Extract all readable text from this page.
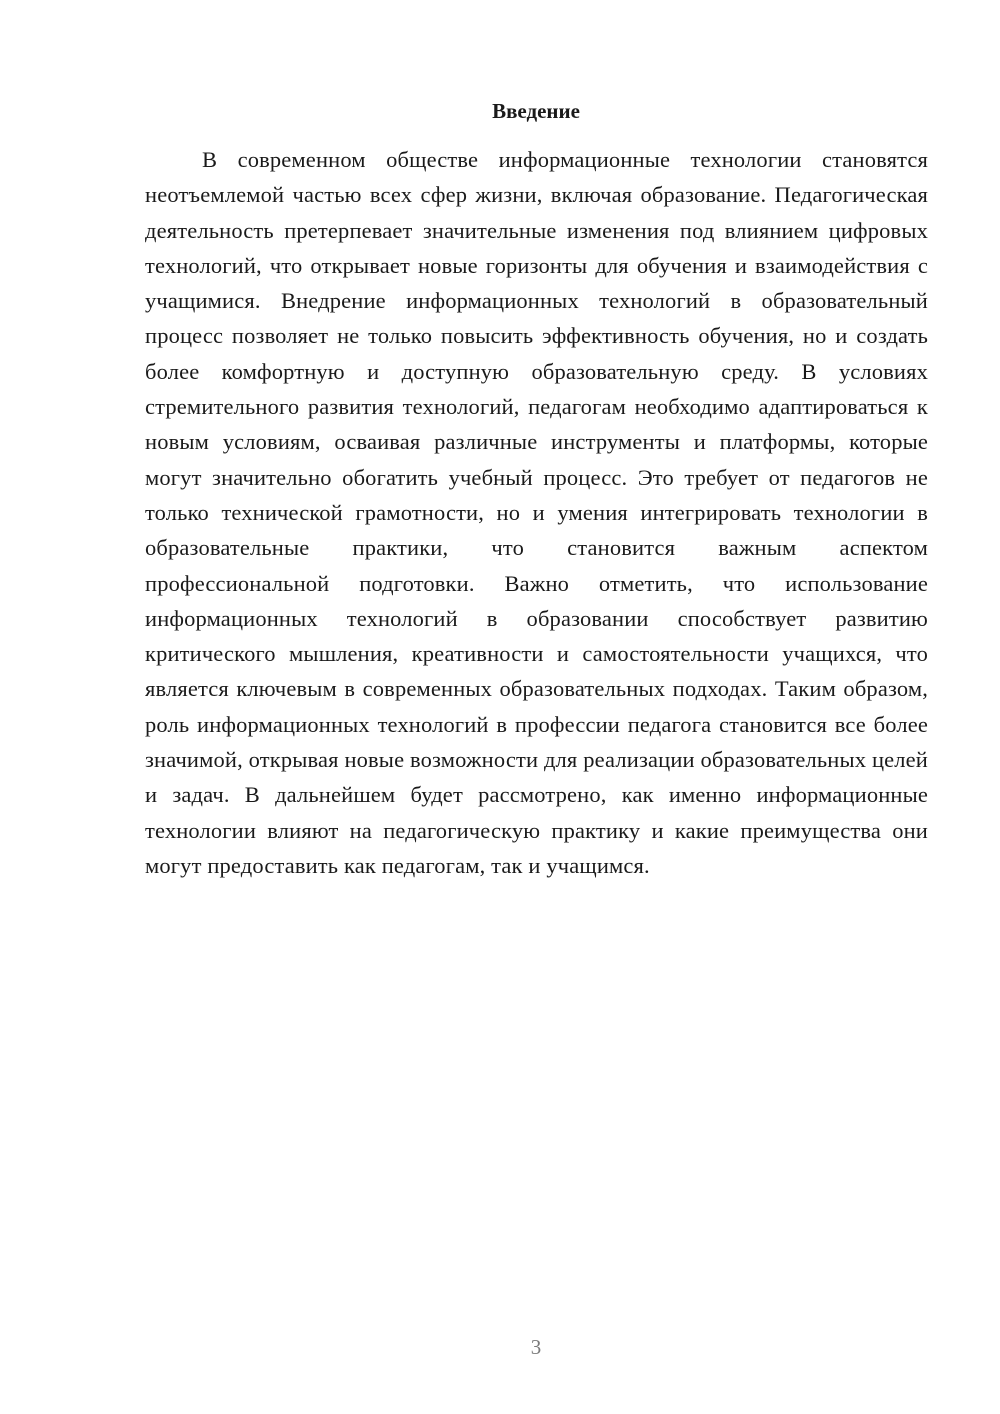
Введение

В современном обществе информационные технологии становятся неотъемлемой частью всех сфер жизни, включая образование. Педагогическая деятельность претерпевает значительные изменения под влиянием цифровых технологий, что открывает новые горизонты для обучения и взаимодействия с учащимися. Внедрение информационных технологий в образовательный процесс позволяет не только повысить эффективность обучения, но и создать более комфортную и доступную образовательную среду. В условиях стремительного развития технологий, педагогам необходимо адаптироваться к новым условиям, осваивая различные инструменты и платформы, которые могут значительно обогатить учебный процесс. Это требует от педагогов не только технической грамотности, но и умения интегрировать технологии в образовательные практики, что становится важным аспектом профессиональной подготовки. Важно отметить, что использование информационных технологий в образовании способствует развитию критического мышления, креативности и самостоятельности учащихся, что является ключевым в современных образовательных подходах. Таким образом, роль информационных технологий в профессии педагога становится все более значимой, открывая новые возможности для реализации образовательных целей и задач. В дальнейшем будет рассмотрено, как именно информационные технологии влияют на педагогическую практику и какие преимущества они могут предоставить как педагогам, так и учащимся.

3
